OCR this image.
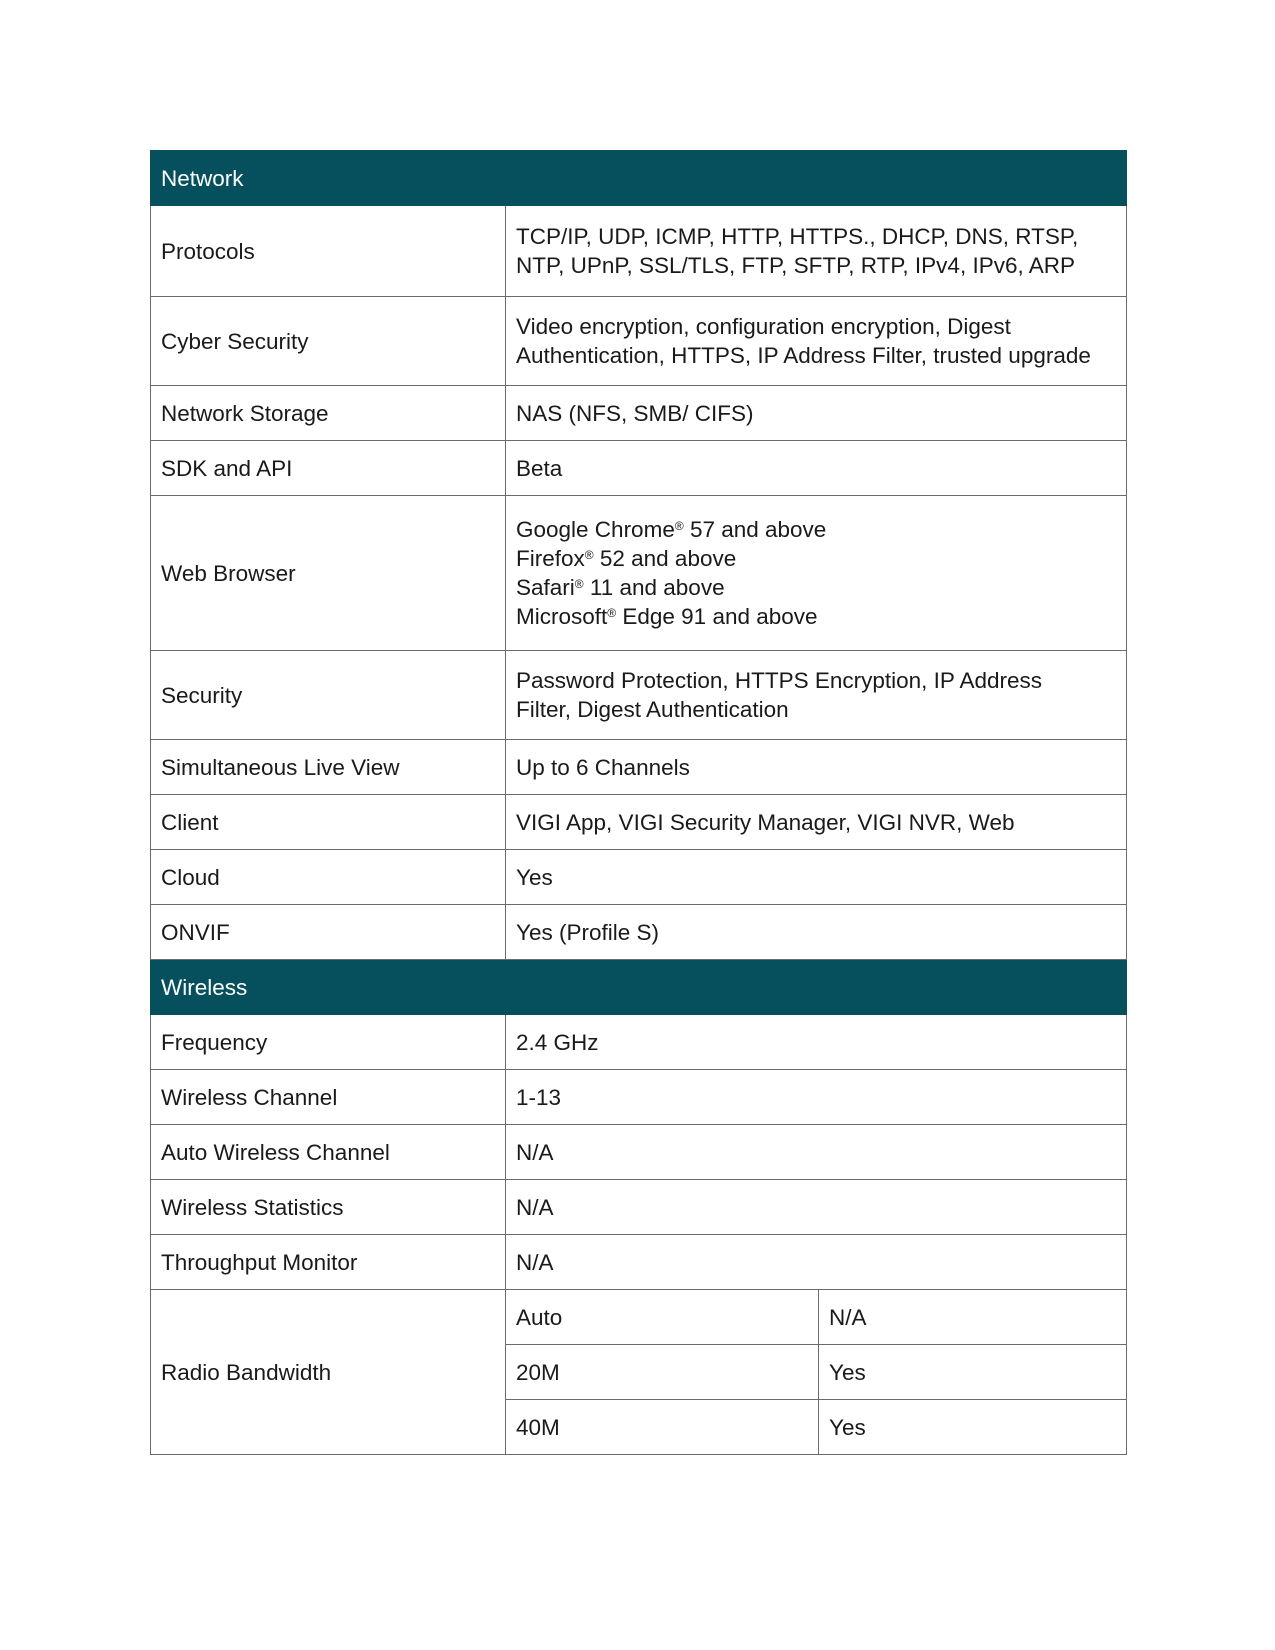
Network		
Protocols	TCP/IP, UDP, ICMP, HTTP, HTTPS., DHCP, DNS, RTSP,
NTP, UPnP, SSL/TLS, FTP, SFTP, RTP, IPv4, IPv6, ARP	

Cyber Security	Video encryption, configuration encryption, Digest
Authentication, HTTPS, IP Address Filter, trusted upgrade	

Network Storage	NAS (NFS, SMB/ CIFS)	
SDK and API	Beta	
Web Browser	Google Chrome® 57 and above
Firefox® 52 and above
Safari® 11 and above
Microsoft® Edge 91 and above	

Security	Password Protection, HTTPS Encryption, IP Address
Filter, Digest Authentication	

Simultaneous Live View	Up to 6 Channels	
Client	VIGI App, VIGI Security Manager, VIGI NVR, Web	
Cloud	Yes	
ONVIF	Yes (Profile S)	
Wireless		
Frequency	2.4 GHz	
Wireless Channel	1-13	
Auto Wireless Channel	N/A	
Wireless Statistics	N/A	
Throughput Monitor	N/A	
Radio Bandwidth	Auto	N/A
	20M	Yes
	40M	Yes
